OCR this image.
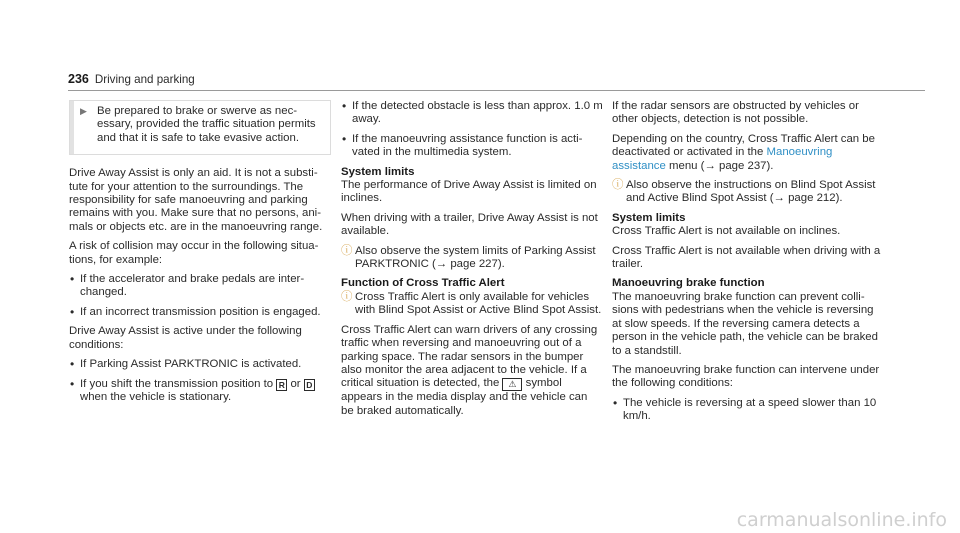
236 Driving and parking
▶ Be prepared to brake or swerve as necessary, provided the traffic situation permits and that it is safe to take evasive action.

Drive Away Assist is only an aid. It is not a substitute for your attention to the surroundings. The responsibility for safe manoeuvring and parking remains with you. Make sure that no persons, animals or objects etc. are in the manoeuvring range.

A risk of collision may occur in the following situations, for example:

• If the accelerator and brake pedals are interchanged.
• If an incorrect transmission position is engaged.

Drive Away Assist is active under the following conditions:

• If Parking Assist PARKTRONIC is activated.
• If you shift the transmission position to R or D when the vehicle is stationary.
• If the detected obstacle is less than approx. 1.0 m away.
• If the manoeuvring assistance function is activated in the multimedia system.

System limits

The performance of Drive Away Assist is limited on inclines.

When driving with a trailer, Drive Away Assist is not available.

ⓘ Also observe the system limits of Parking Assist PARKTRONIC (→ page 227).

Function of Cross Traffic Alert

ⓘ Cross Traffic Alert is only available for vehicles with Blind Spot Assist or Active Blind Spot Assist.

Cross Traffic Alert can warn drivers of any crossing traffic when reversing and manoeuvring out of a parking space. The radar sensors in the bumper also monitor the area adjacent to the vehicle. If a critical situation is detected, the ⚠ symbol appears in the media display and the vehicle can be braked automatically.

If the radar sensors are obstructed by vehicles or other objects, detection is not possible.

Depending on the country, Cross Traffic Alert can be deactivated or activated in the Manoeuvring assistance menu (→ page 237).

ⓘ Also observe the instructions on Blind Spot Assist and Active Blind Spot Assist (→ page 212).

System limits

Cross Traffic Alert is not available on inclines.

Cross Traffic Alert is not available when driving with a trailer.

Manoeuvring brake function

The manoeuvring brake function can prevent collisions with pedestrians when the vehicle is reversing at slow speeds. If the reversing camera detects a person in the vehicle path, the vehicle can be braked to a standstill.

The manoeuvring brake function can intervene under the following conditions:

• The vehicle is reversing at a speed slower than 10 km/h.
carmanualsonline.info
